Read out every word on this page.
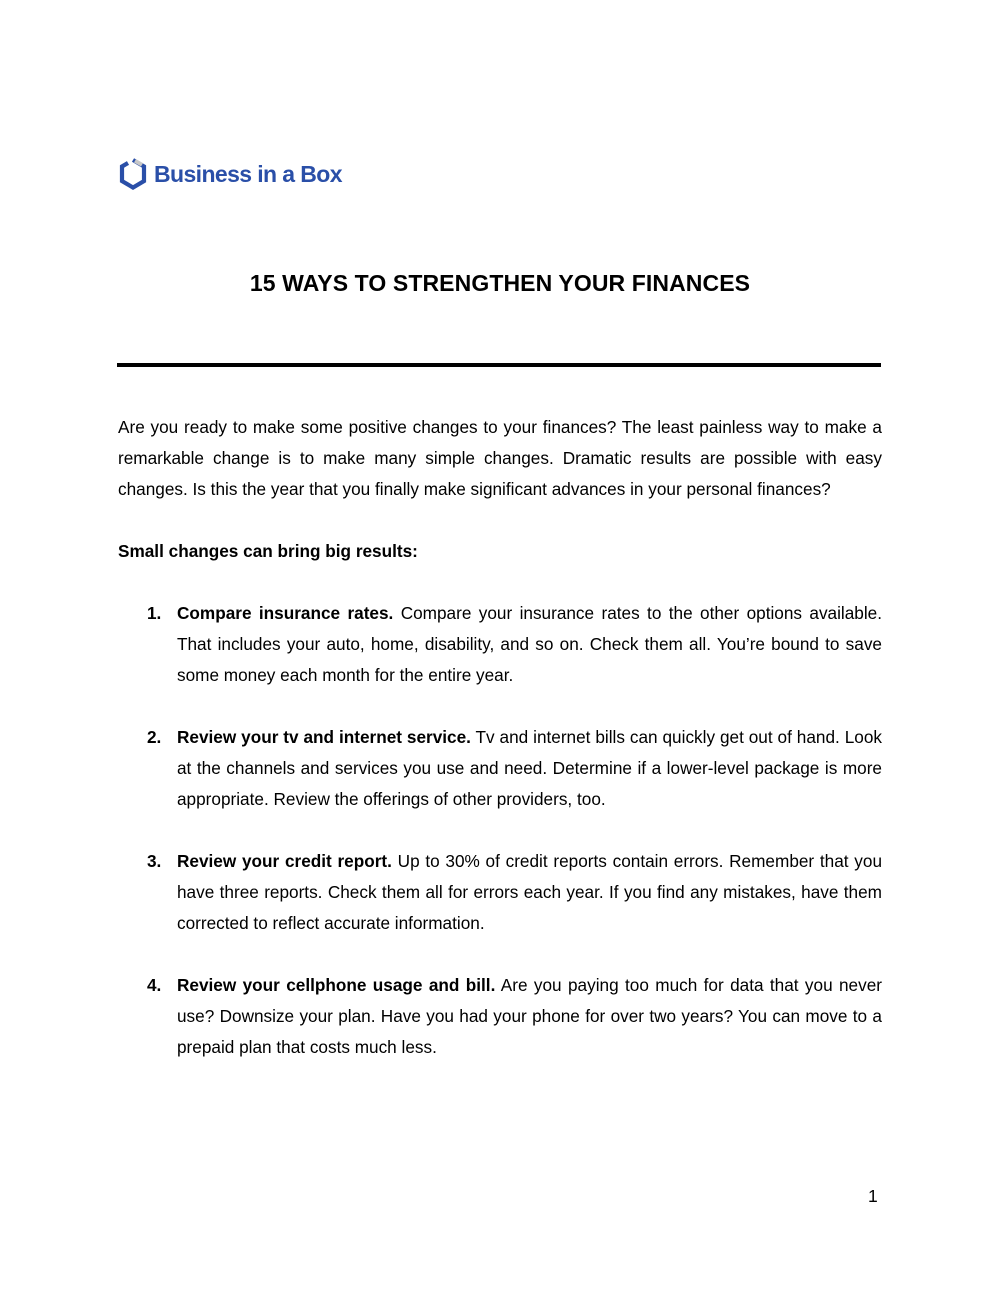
Business in a Box
15 WAYS TO STRENGTHEN YOUR FINANCES

Are you ready to make some positive changes to your finances? The least painless way to make a remarkable change is to make many simple changes. Dramatic results are possible with easy changes. Is this the year that you finally make significant advances in your personal finances?

Small changes can bring big results:

1. Compare insurance rates. Compare your insurance rates to the other options available. That includes your auto, home, disability, and so on. Check them all. You’re bound to save some money each month for the entire year.
2. Review your tv and internet service. Tv and internet bills can quickly get out of hand. Look at the channels and services you use and need. Determine if a lower-level package is more appropriate. Review the offerings of other providers, too.
3. Review your credit report. Up to 30% of credit reports contain errors. Remember that you have three reports. Check them all for errors each year. If you find any mistakes, have them corrected to reflect accurate information.
4. Review your cellphone usage and bill. Are you paying too much for data that you never use? Downsize your plan. Have you had your phone for over two years? You can move to a prepaid plan that costs much less.
1
